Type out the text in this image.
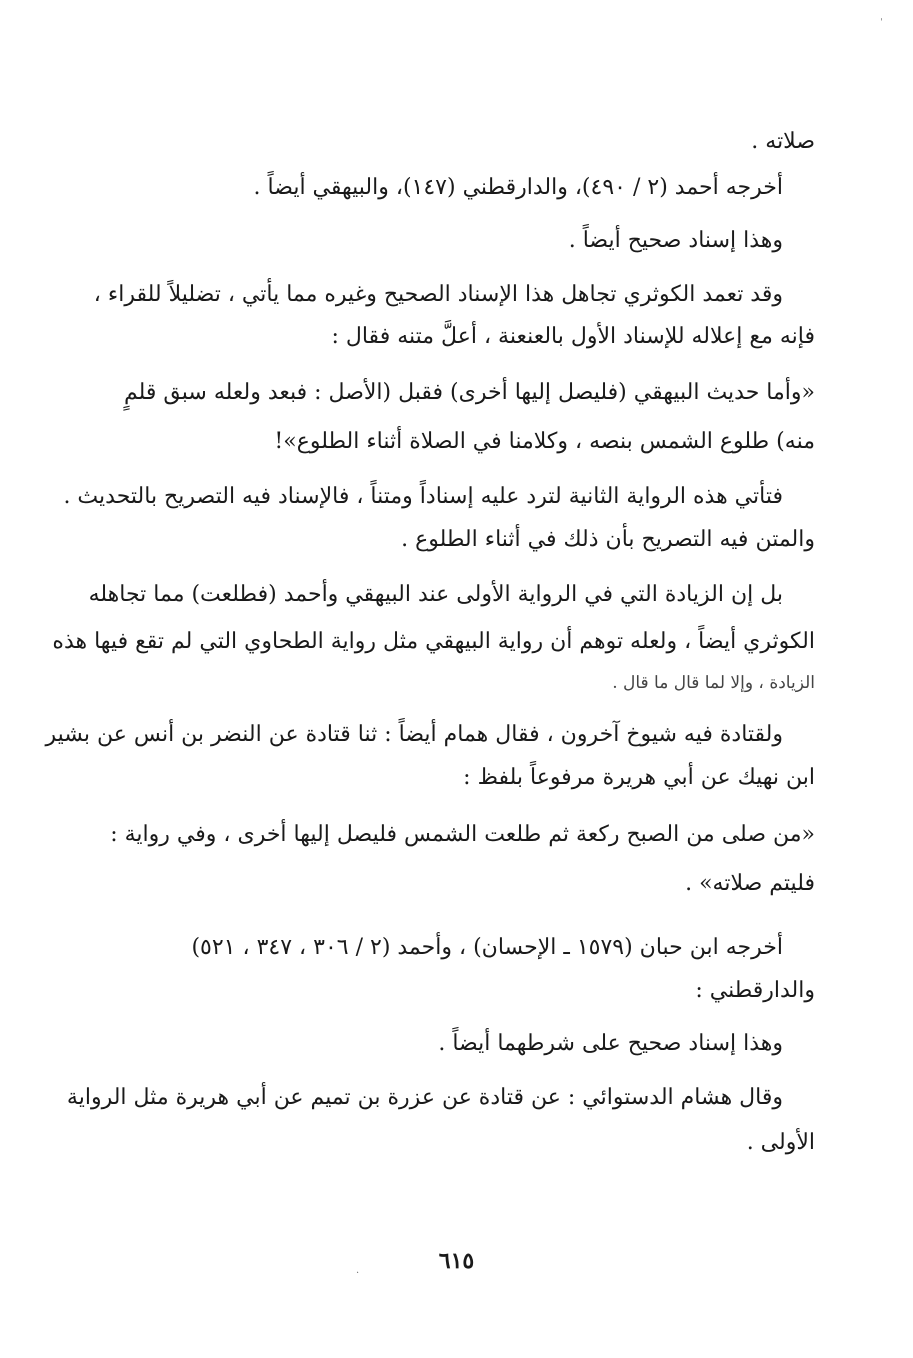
ˈ
صلاته .
أخرجه أحمد (٢ / ٤٩٠)، والدارقطني (١٤٧)، والبيهقي أيضاً .
وهذا إسناد صحيح أيضاً .
وقد تعمد الكوثري تجاهل هذا الإسناد الصحيح وغيره مما يأتي ، تضليلاً للقراء ،
فإنه مع إعلاله للإسناد الأول بالعنعنة ، أعلَّ متنه فقال :
«وأما حديث البيهقي (فليصل إليها أخرى) فقبل (الأصل : فبعد ولعله سبق قلمٍ
منه) طلوع الشمس بنصه ، وكلامنا في الصلاة أثناء الطلوع»!
فتأتي هذه الرواية الثانية لترد عليه إسناداً ومتناً ، فالإسناد فيه التصريح بالتحديث .
والمتن فيه التصريح بأن ذلك في أثناء الطلوع .
بل إن الزيادة التي في الرواية الأولى عند البيهقي وأحمد (فطلعت) مما تجاهله
الكوثري أيضاً ، ولعله توهم أن رواية البيهقي مثل رواية الطحاوي التي لم تقع فيها هذه
الزيادة ، وإلا لما قال ما قال .
ولقتادة فيه شيوخ آخرون ، فقال همام أيضاً : ثنا قتادة عن النضر بن أنس عن بشير
ابن نهيك عن أبي هريرة مرفوعاً بلفظ :
«من صلى من الصبح ركعة ثم طلعت الشمس فليصل إليها أخرى ، وفي رواية :
فليتم صلاته» .
أخرجه ابن حبان (١٥٧٩ ـ الإحسان) ، وأحمد (٢ / ٣٠٦ ، ٣٤٧ ، ٥٢١)
والدارقطني :
وهذا إسناد صحيح على شرطهما أيضاً .
وقال هشام الدستوائي : عن قتادة عن عزرة بن تميم عن أبي هريرة مثل الرواية
الأولى .
٦١٥
·
